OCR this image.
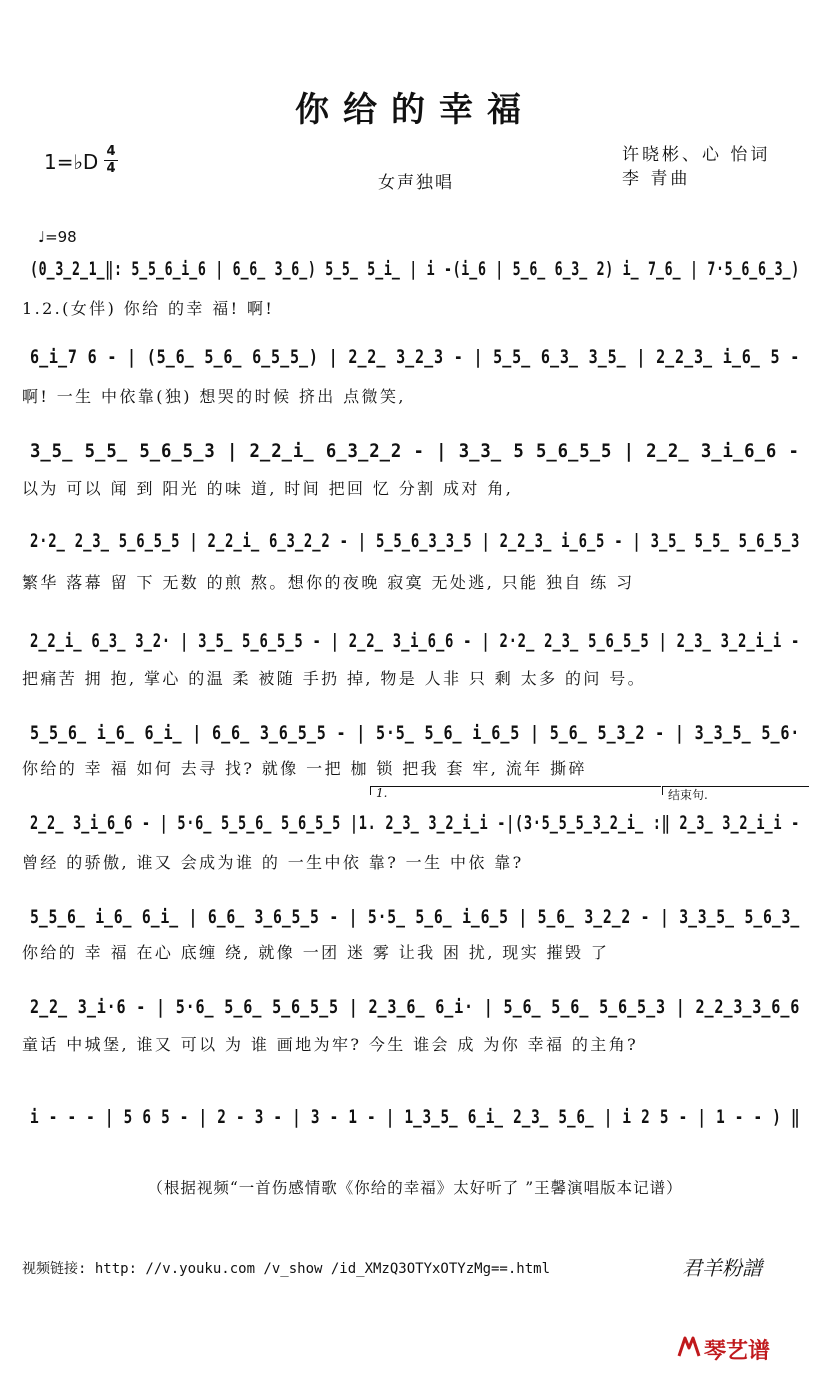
你给的幸福
1=♭D 4
4
女声独唱
许晓彬、心 怡词
李 青曲
♩=98
(0̲3̲2̲1̲‖: 5̲5̲6̲i̲6 | 6̲6̲ 3̲6̲) 5̲5̲ 5̲i̲ | i -(i̲6 | 5̲6̲ 6̲3̲ 2) i̲ 7̲6̲ | 7·5̲6̲6̲3̲)
1.2.(女伴) 你给 的幸 福! 啊!
6̲i̲7 6 - | (5̲6̲ 5̲6̲ 6̲5̲5̲) | 2̲2̲ 3̲2̲3 - | 5̲5̲ 6̲3̲ 3̲5̲ | 2̲2̲3̲ i̲6̲ 5 -
啊! 一生 中依靠(独) 想哭的时候 挤出 点微笑,
3̲5̲ 5̲5̲ 5̲6̲5̲3 | 2̲2̲i̲ 6̲3̲2̲2 - | 3̲3̲ 5 5̲6̲5̲5 | 2̲2̲ 3̲i̲6̲6 -
以为 可以 闻 到 阳光 的味 道, 时间 把回 忆 分割 成对 角,
2·2̲ 2̲3̲ 5̲6̲5̲5 | 2̲2̲i̲ 6̲3̲2̲2 - | 5̲5̲6̲3̲3̲5 | 2̲2̲3̲ i̲6̲5 - | 3̲5̲ 5̲5̲ 5̲6̲5̲3
繁华 落幕 留 下 无数 的煎 熬。想你的夜晚 寂寞 无处逃, 只能 独自 练 习
2̲2̲i̲ 6̲3̲ 3̲2· | 3̲5̲ 5̲6̲5̲5 - | 2̲2̲ 3̲i̲6̲6 - | 2·2̲ 2̲3̲ 5̲6̲5̲5 | 2̲3̲ 3̲2̲i̲i -
把痛苦 拥 抱, 掌心 的温 柔 被随 手扔 掉, 物是 人非 只 剩 太多 的问 号。
5̲5̲6̲ i̲6̲ 6̲i̲ | 6̲6̲ 3̲6̲5̲5 - | 5·5̲ 5̲6̲ i̲6̲5 | 5̲6̲ 5̲3̲2 - | 3̲3̲5̲ 5̲6·
你给的 幸 福 如何 去寻 找? 就像 一把 枷 锁 把我 套 牢, 流年 撕碎
1.	结束句.
2̲2̲ 3̲i̲6̲6 - | 5·6̲ 5̲5̲6̲ 5̲6̲5̲5 |1. 2̲3̲ 3̲2̲i̲i -|(3·5̲5̲5̲3̲2̲i̲ :‖ 2̲3̲ 3̲2̲i̲i -
曾经 的骄傲, 谁又 会成为谁 的 一生中依 靠? 一生 中依 靠?
5̲5̲6̲ i̲6̲ 6̲i̲ | 6̲6̲ 3̲6̲5̲5 - | 5·5̲ 5̲6̲ i̲6̲5 | 5̲6̲ 3̲2̲2 - | 3̲3̲5̲ 5̲6̲3̲
你给的 幸 福 在心 底缠 绕, 就像 一团 迷 雾 让我 困 扰, 现实 摧毁 了
2̲2̲ 3̲i·6 - | 5·6̲ 5̲6̲ 5̲6̲5̲5 | 2̲3̲6̲ 6̲i· | 5̲6̲ 5̲6̲ 5̲6̲5̲3 | 2̲2̲3̲3̲6̲6
童话 中城堡, 谁又 可以 为 谁 画地为牢? 今生 谁会 成 为你 幸福 的主角?
i - - - | 5 6 5 - | 2 - 3 - | 3 - 1 - | 1̲3̲5̲ 6̲i̲ 2̲3̲ 5̲6̲ | i 2 5 - | 1 - - ) ‖
（根据视频“一首伤感情歌《你给的幸福》太好听了 ”王馨演唱版本记谱）
视频链接: http: //v.youku.com /v_show /id_XMzQ3OTYxOTYzMg==.html	君羊粉譜
琴艺谱
